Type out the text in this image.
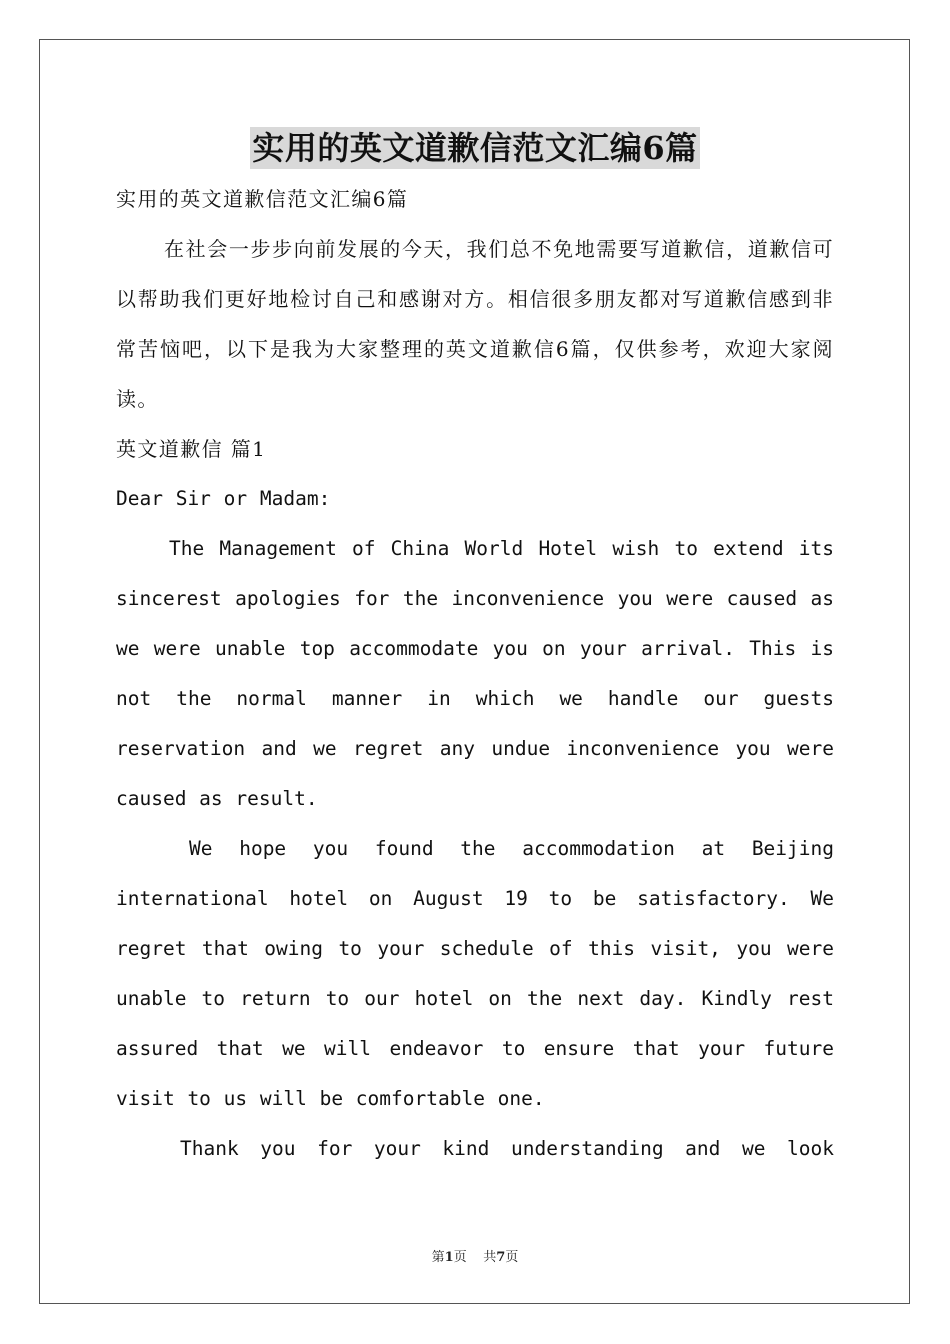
实用的英文道歉信范文汇编6篇
实用的英文道歉信范文汇编6篇
在社会一步步向前发展的今天，我们总不免地需要写道歉信，道歉信可以帮助我们更好地检讨自己和感谢对方。相信很多朋友都对写道歉信感到非常苦恼吧，以下是我为大家整理的英文道歉信6篇，仅供参考，欢迎大家阅读。
英文道歉信 篇1
Dear Sir or Madam:
The Management of China World Hotel wish to extend its sincerest apologies for the inconvenience you were caused as we were unable top accommodate you on your arrival. This is not the normal manner in which we handle our guests reservation and we regret any undue inconvenience you were caused as result.
We hope you found the accommodation at Beijing international hotel on August 19 to be satisfactory. We regret that owing to your schedule of this visit, you were unable to return to our hotel on the next day. Kindly rest assured that we will endeavor to ensure that your future visit to us will be comfortable one.
Thank you for your kind understanding and we look
第1页 共7页
